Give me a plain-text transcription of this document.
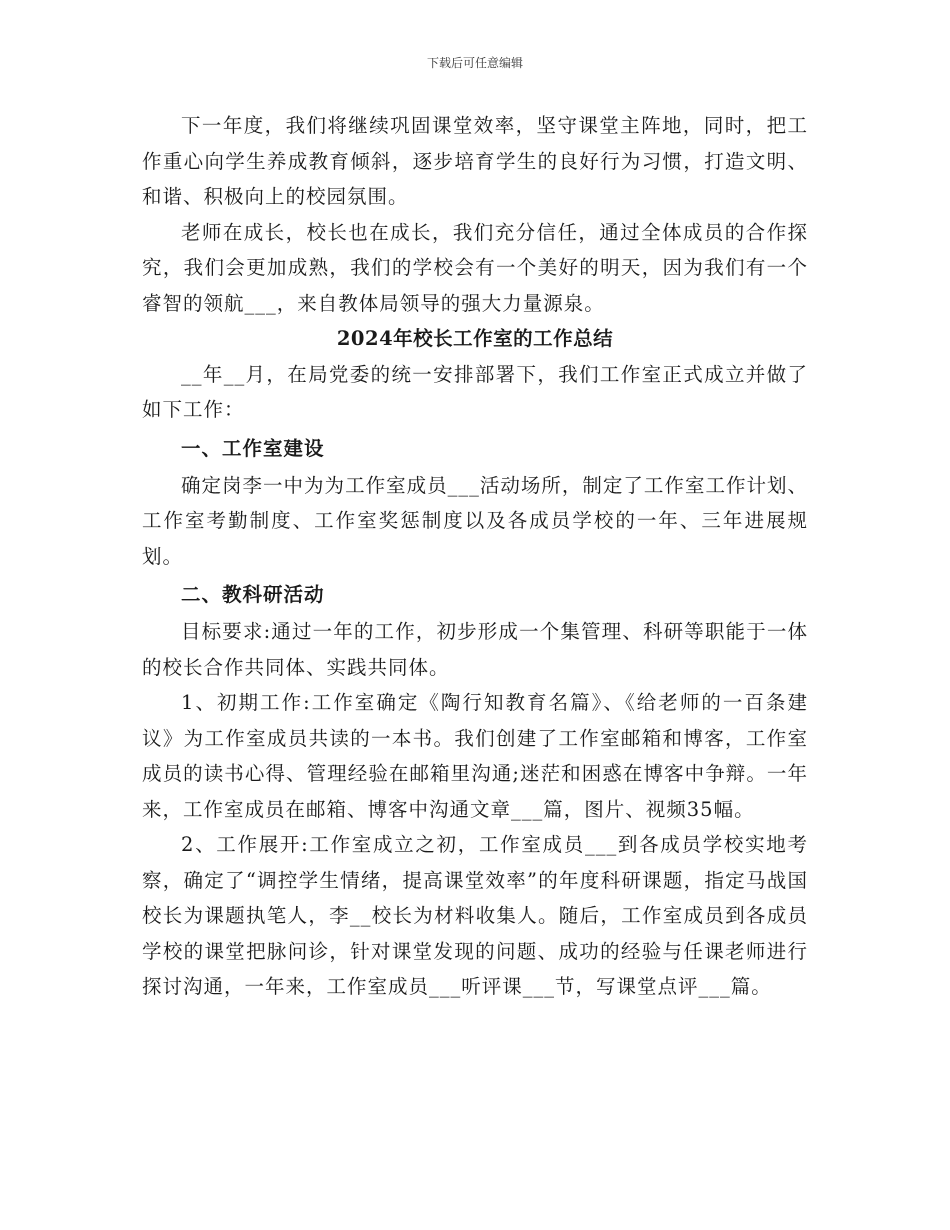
下载后可任意编辑

下一年度，我们将继续巩固课堂效率，坚守课堂主阵地，同时，把工作重心向学生养成教育倾斜，逐步培育学生的良好行为习惯，打造文明、和谐、积极向上的校园氛围。

老师在成长，校长也在成长，我们充分信任，通过全体成员的合作探究，我们会更加成熟，我们的学校会有一个美好的明天，因为我们有一个睿智的领航___，来自教体局领导的强大力量源泉。

2024年校长工作室的工作总结

__年__月，在局党委的统一安排部署下，我们工作室正式成立并做了如下工作：

一、工作室建设

确定岗李一中为为工作室成员___活动场所，制定了工作室工作计划、工作室考勤制度、工作室奖惩制度以及各成员学校的一年、三年进展规划。

二、教科研活动

目标要求:通过一年的工作，初步形成一个集管理、科研等职能于一体的校长合作共同体、实践共同体。

1、初期工作:工作室确定《陶行知教育名篇》、《给老师的一百条建议》为工作室成员共读的一本书。我们创建了工作室邮箱和博客，工作室成员的读书心得、管理经验在邮箱里沟通;迷茫和困惑在博客中争辩。一年来，工作室成员在邮箱、博客中沟通文章___篇，图片、视频35幅。

2、工作展开:工作室成立之初，工作室成员___到各成员学校实地考察，确定了“调控学生情绪，提高课堂效率”的年度科研课题，指定马战国校长为课题执笔人，李__校长为材料收集人。随后，工作室成员到各成员学校的课堂把脉问诊，针对课堂发现的问题、成功的经验与任课老师进行探讨沟通，一年来，工作室成员___听评课___节，写课堂点评___篇。
